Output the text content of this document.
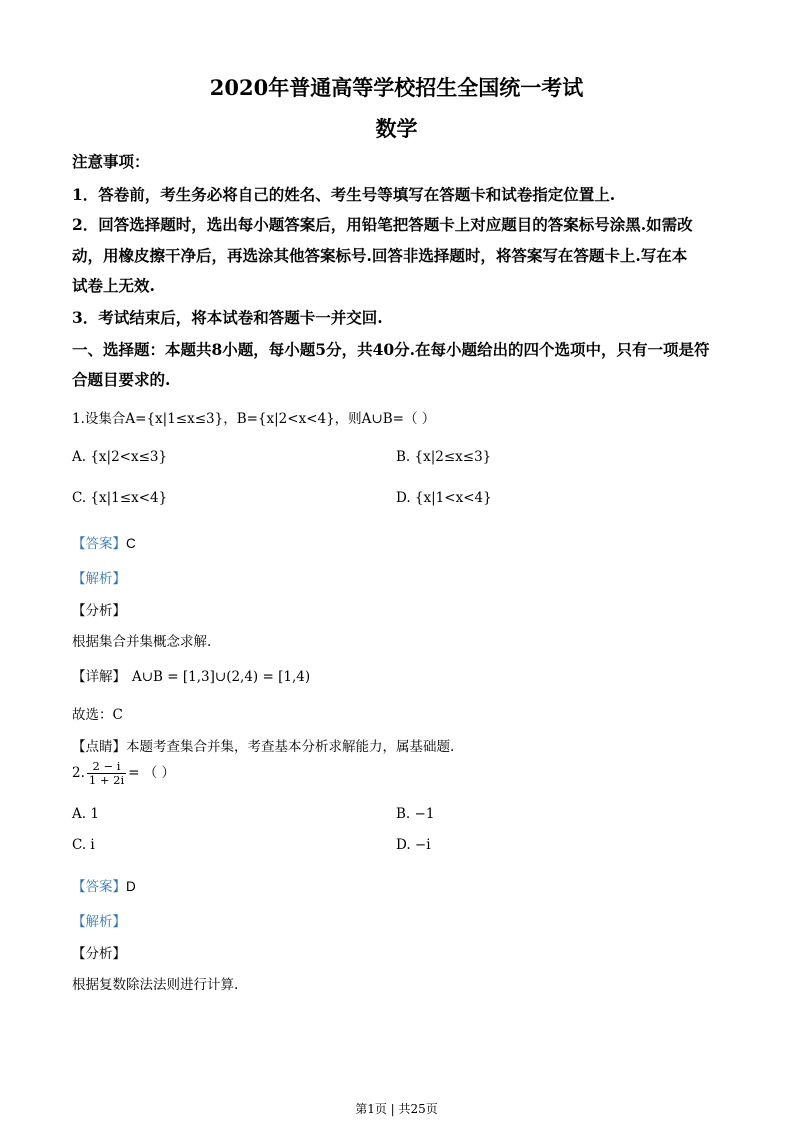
2020年普通高等学校招生全国统一考试
数学
注意事项：
1．答卷前，考生务必将自己的姓名、考生号等填写在答题卡和试卷指定位置上.
2．回答选择题时，选出每小题答案后，用铅笔把答题卡上对应题目的答案标号涂黑.如需改
动，用橡皮擦干净后，再选涂其他答案标号.回答非选择题时，将答案写在答题卡上.写在本
试卷上无效.
3．考试结束后，将本试卷和答题卡一并交回.
一、选择题：本题共8小题，每小题5分，共40分.在每小题给出的四个选项中，只有一项是符
合题目要求的.
1.设集合A={x|1≤x≤3}，B={x|2<x<4}，则A∪B=（ ）
A. {x|2<x≤3}	B. {x|2≤x≤3}
C. {x|1≤x<4}	D. {x|1<x<4}
【答案】C
【解析】
【分析】
根据集合并集概念求解.
【详解】 A∪B = [1,3]∪(2,4) = [1,4)
故选：C
【点睛】本题考查集合并集，考查基本分析求解能力，属基础题.
2. $\frac{2 - i}{1 + 2i}$ = （ ）
A. 1	B. −1
C. i	D. −i
【答案】D
【解析】
【分析】
根据复数除法法则进行计算.
第1页 | 共25页
